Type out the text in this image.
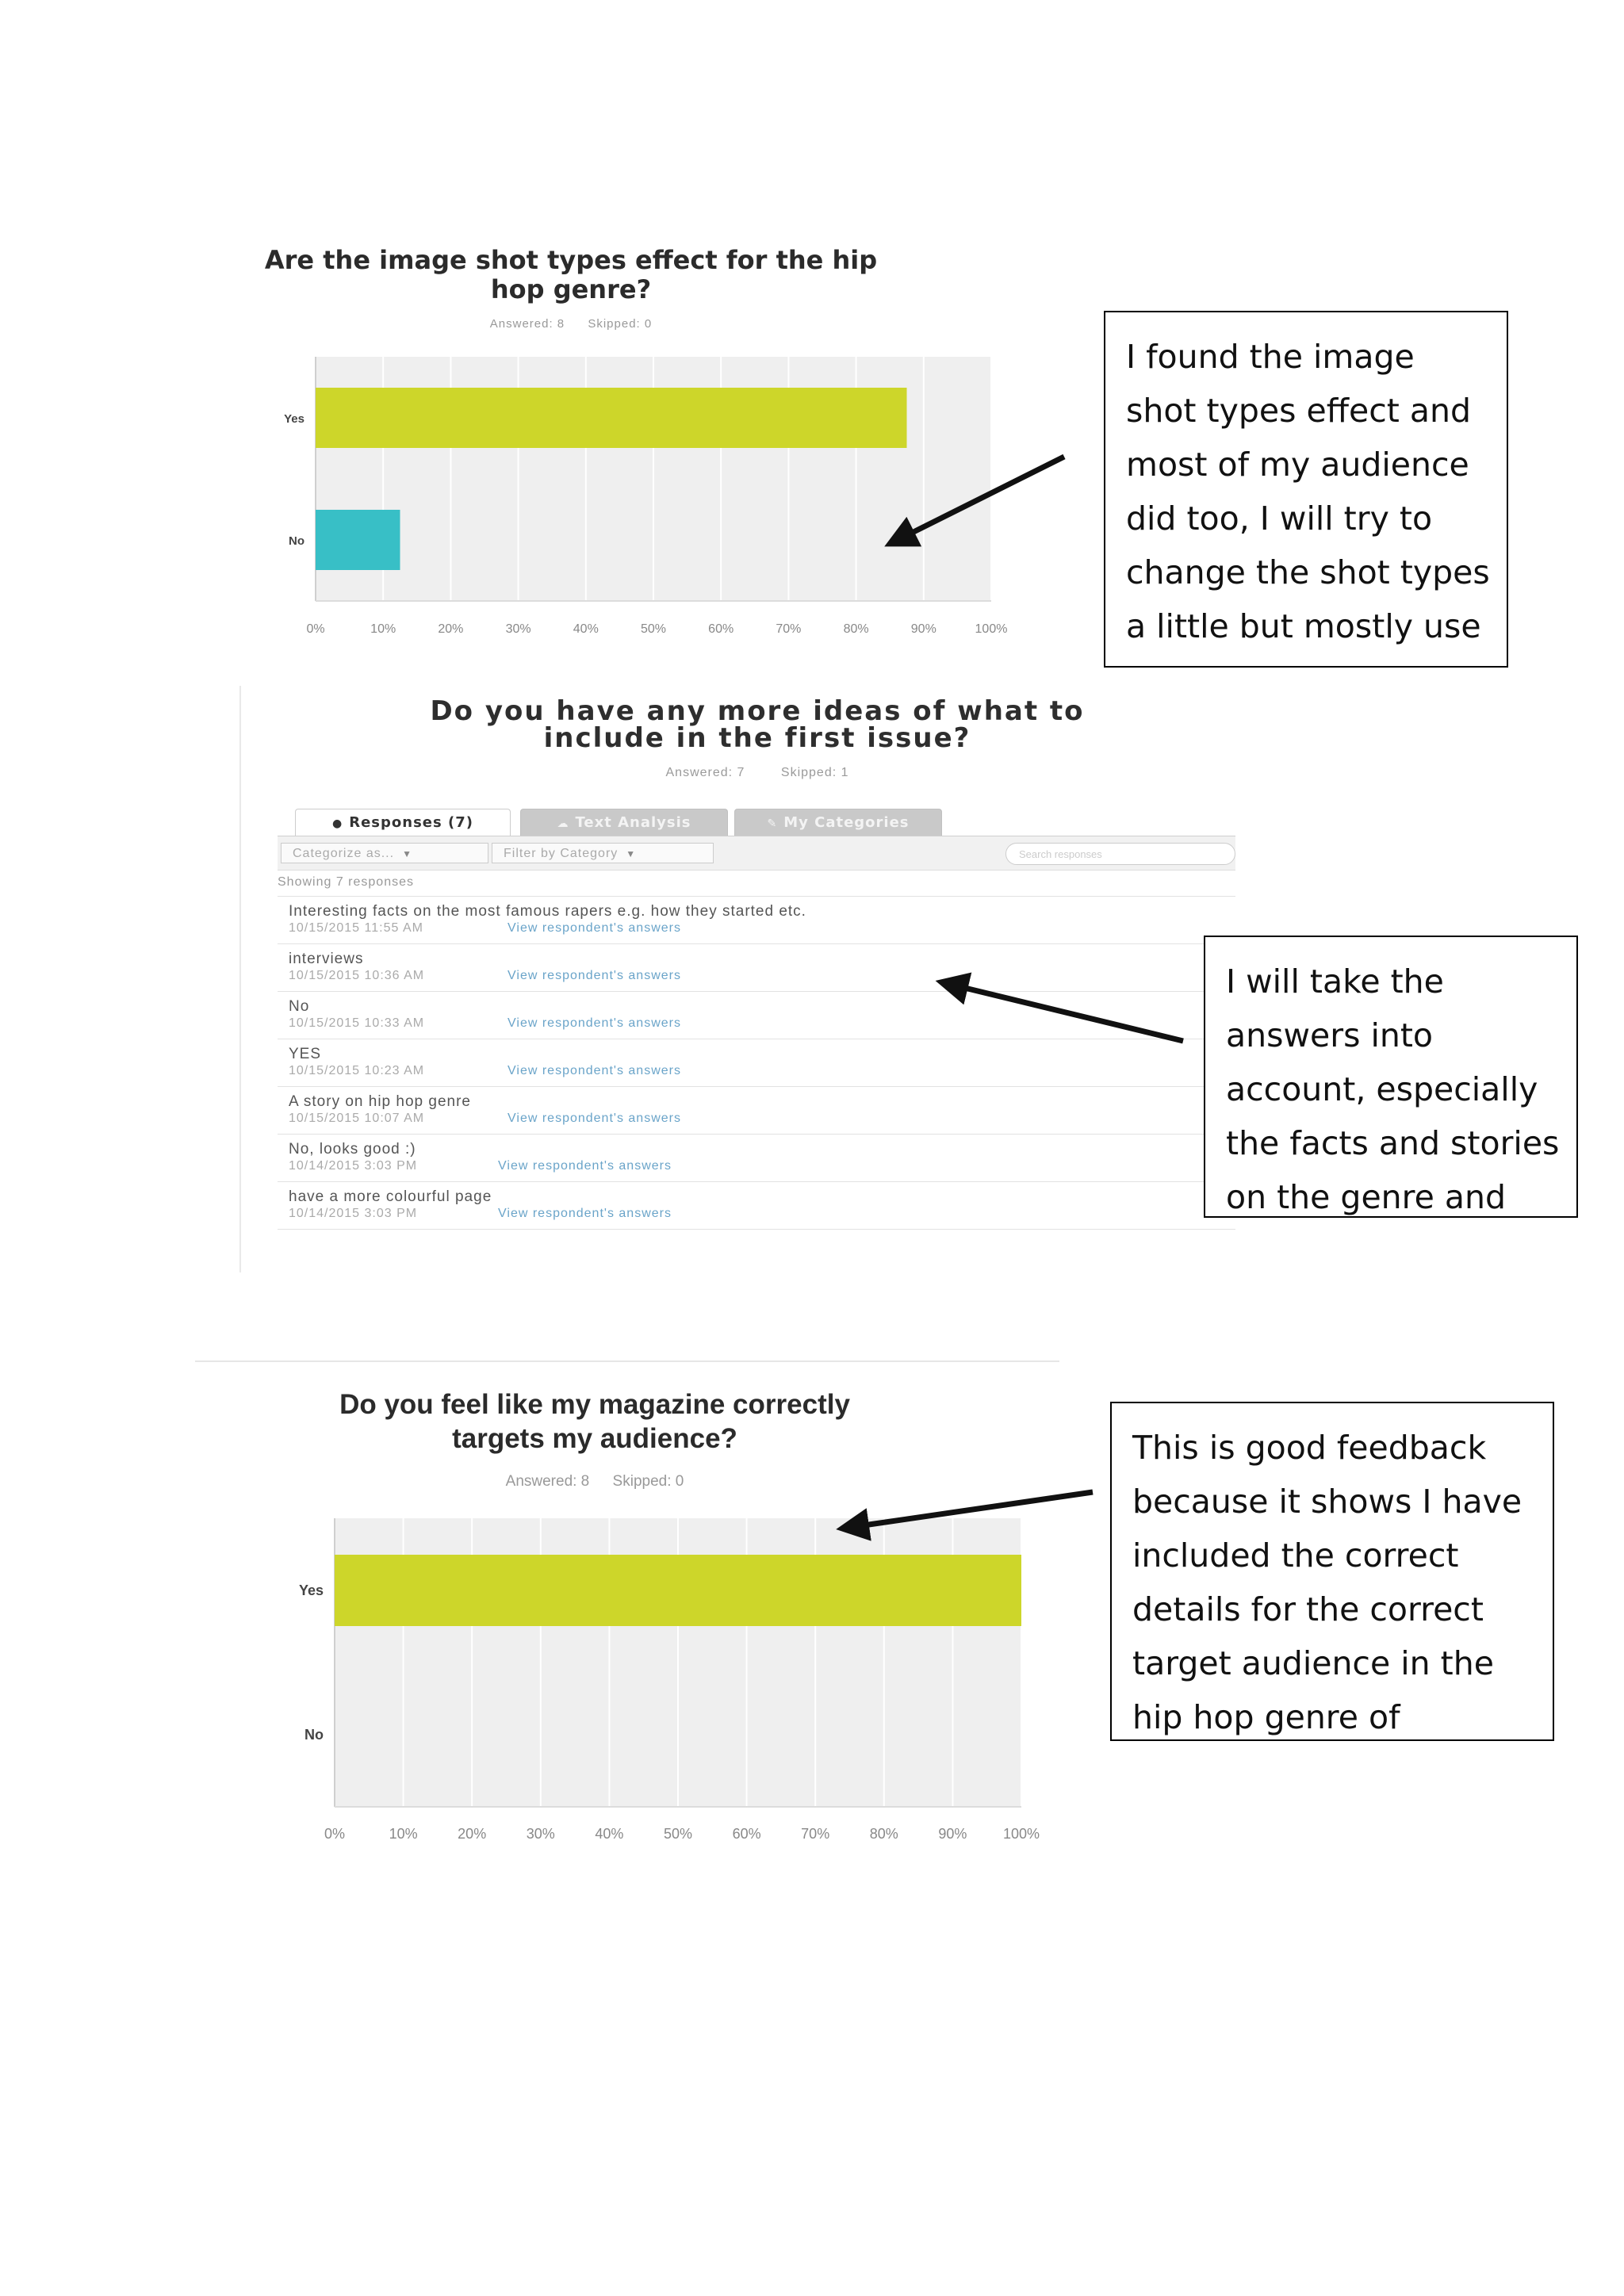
Are the image shot types effect for the hip
hop genre?
Answered: 8 Skipped: 0
0%	10%	20%	30%	40%	50%	60%	70%	80%	90%	100%
Yes
No
I found the image
shot types effect and
most of my audience
did too, I will try to
change the shot types
a little but mostly use
Do you have any more ideas of what to
include in the first issue?
Answered: 7	Skipped: 1
● Responses (7)	☁ Text Analysis	✎ My Categories
Categorize as... ▼	Filter by Category ▼	Search responses
Showing 7 responses
Interesting facts on the most famous rapers e.g. how they started etc.
10/15/2015 11:55 AM	View respondent's answers
interviews
10/15/2015 10:36 AM	View respondent's answers
No
10/15/2015 10:33 AM	View respondent's answers
YES
10/15/2015 10:23 AM	View respondent's answers
A story on hip hop genre
10/15/2015 10:07 AM	View respondent's answers
No, looks good :)
10/14/2015 3:03 PM	View respondent's answers
have a more colourful page
10/14/2015 3:03 PM	View respondent's answers
I will take the
answers into
account, especially
the facts and stories
on the genre and
Do you feel like my magazine correctly
targets my audience?
Answered: 8 Skipped: 0
0%	10%	20%	30%	40%	50%	60%	70%	80%	90%	100%
Yes
No
This is good feedback
because it shows I have
included the correct
details for the correct
target audience in the
hip hop genre of
